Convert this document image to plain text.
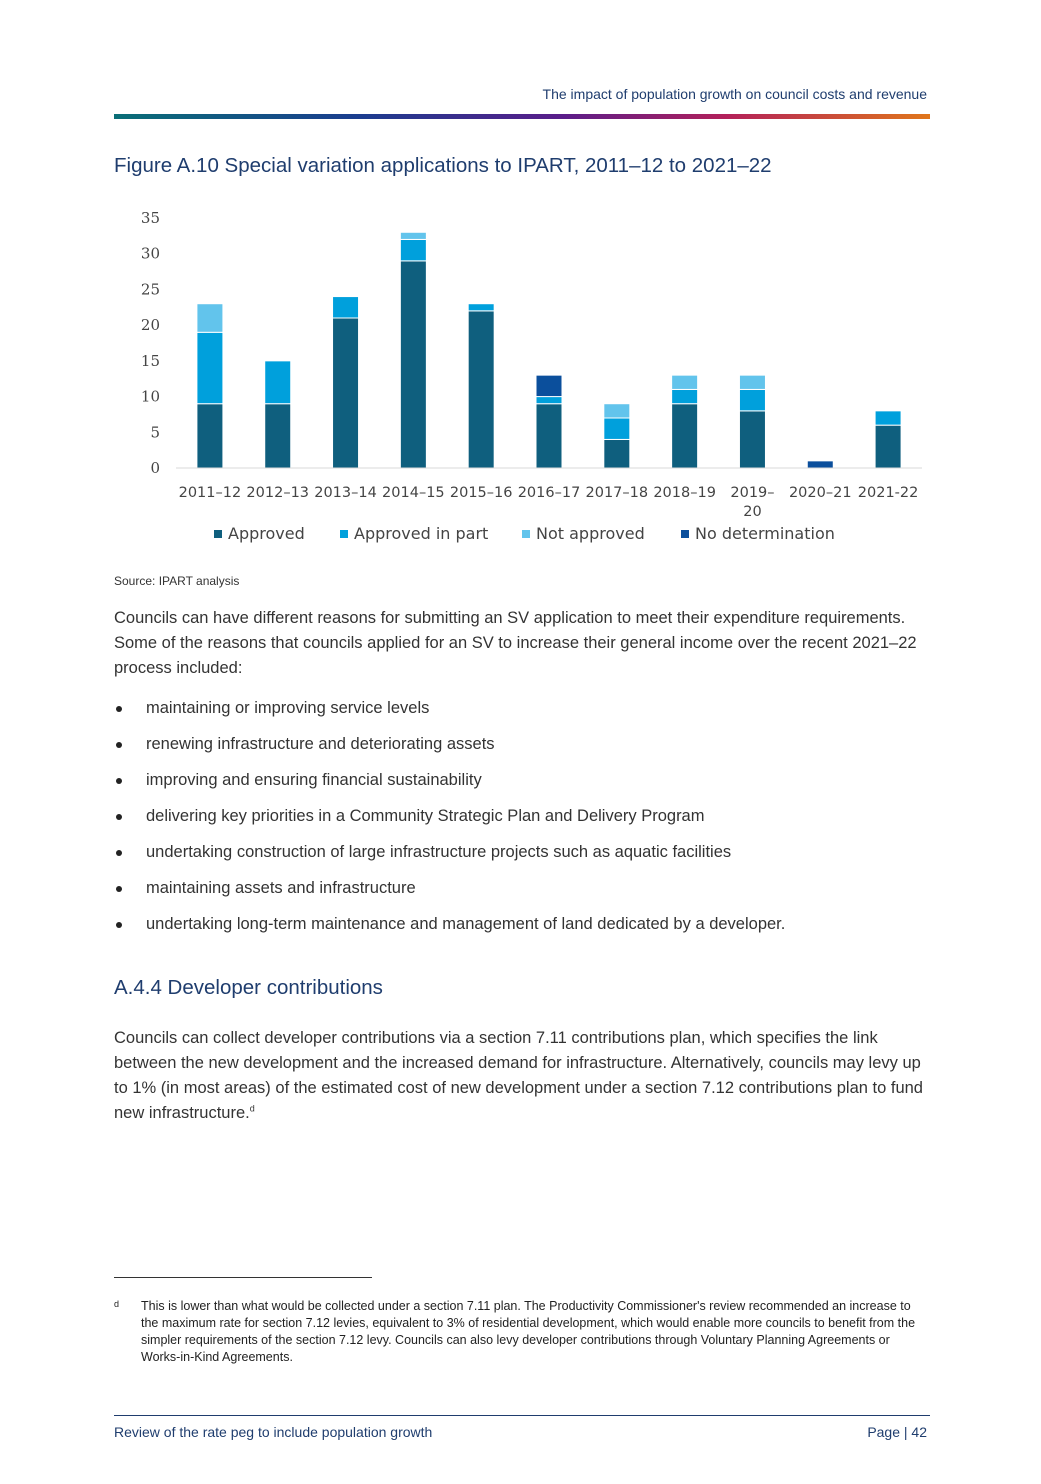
The impact of population growth on council costs and revenue
Figure A.10 Special variation applications to IPART, 2011–12 to 2021–22
0
5
10
15
20
25
30
35
2011–12 2012–13 2013–14 2014–15 2015–16 2016–17 2017–18 2018–19 2019–
20
2020–21 2021-22
Approved	Approved in part	Not approved	No determination
Source: IPART analysis

Councils can have different reasons for submitting an SV application to meet their expenditure requirements. Some of the reasons that councils applied for an SV to increase their general income over the recent 2021–22 process included:

maintaining or improving service levels
renewing infrastructure and deteriorating assets
improving and ensuring financial sustainability
delivering key priorities in a Community Strategic Plan and Delivery Program
undertaking construction of large infrastructure projects such as aquatic facilities
maintaining assets and infrastructure
undertaking long-term maintenance and management of land dedicated by a developer.
A.4.4 Developer contributions

Councils can collect developer contributions via a section 7.11 contributions plan, which specifies the link between the new development and the increased demand for infrastructure. Alternatively, councils may levy up to 1% (in most areas) of the estimated cost of new development under a section 7.12 contributions plan to fund new infrastructure.$^d$

d This is lower than what would be collected under a section 7.11 plan. The Productivity Commissioner's review recommended an increase to the maximum rate for section 7.12 levies, equivalent to 3% of residential development, which would enable more councils to benefit from the simpler requirements of the section 7.12 levy. Councils can also levy developer contributions through Voluntary Planning Agreements or Works-in-Kind Agreements.
Review of the rate peg to include population growth	Page | 42
